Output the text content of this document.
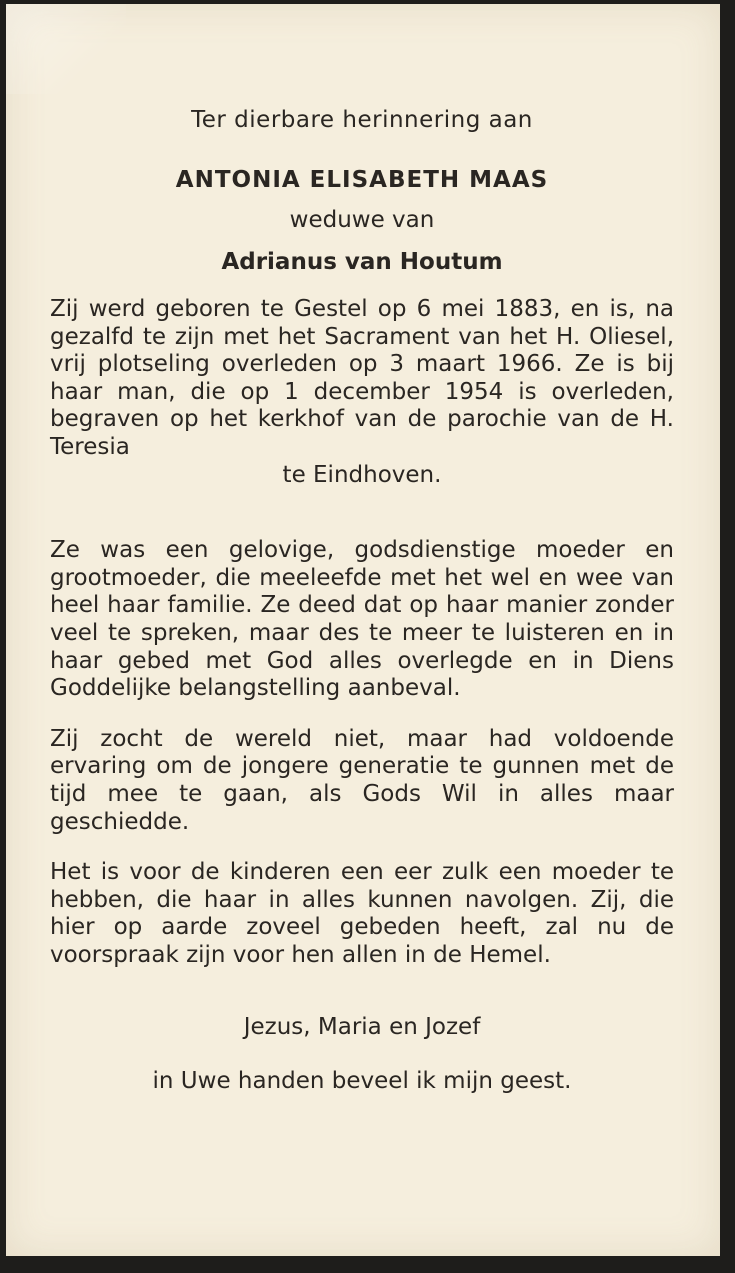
Ter dierbare herinnering aan

ANTONIA ELISABETH MAAS

weduwe van

Adrianus van Houtum

Zij werd geboren te Gestel op 6 mei 1883, en is, na gezalfd te zijn met het Sacrament van het H. Oliesel, vrij plotseling overleden op 3 maart 1966. Ze is bij haar man, die op 1 december 1954 is overleden, begraven op het kerkhof van de parochie van de H. Teresia

te Eindhoven.

Ze was een gelovige, godsdienstige moeder en grootmoeder, die meeleefde met het wel en wee van heel haar familie. Ze deed dat op haar manier zonder veel te spreken, maar des te meer te luisteren en in haar gebed met God alles overlegde en in Diens Goddelijke belangstelling aanbeval.

Zij zocht de wereld niet, maar had voldoende ervaring om de jongere generatie te gunnen met de tijd mee te gaan, als Gods Wil in alles maar geschiedde.

Het is voor de kinderen een eer zulk een moeder te hebben, die haar in alles kunnen navolgen. Zij, die hier op aarde zoveel gebeden heeft, zal nu de voorspraak zijn voor hen allen in de Hemel.

Jezus, Maria en Jozef

in Uwe handen beveel ik mijn geest.
